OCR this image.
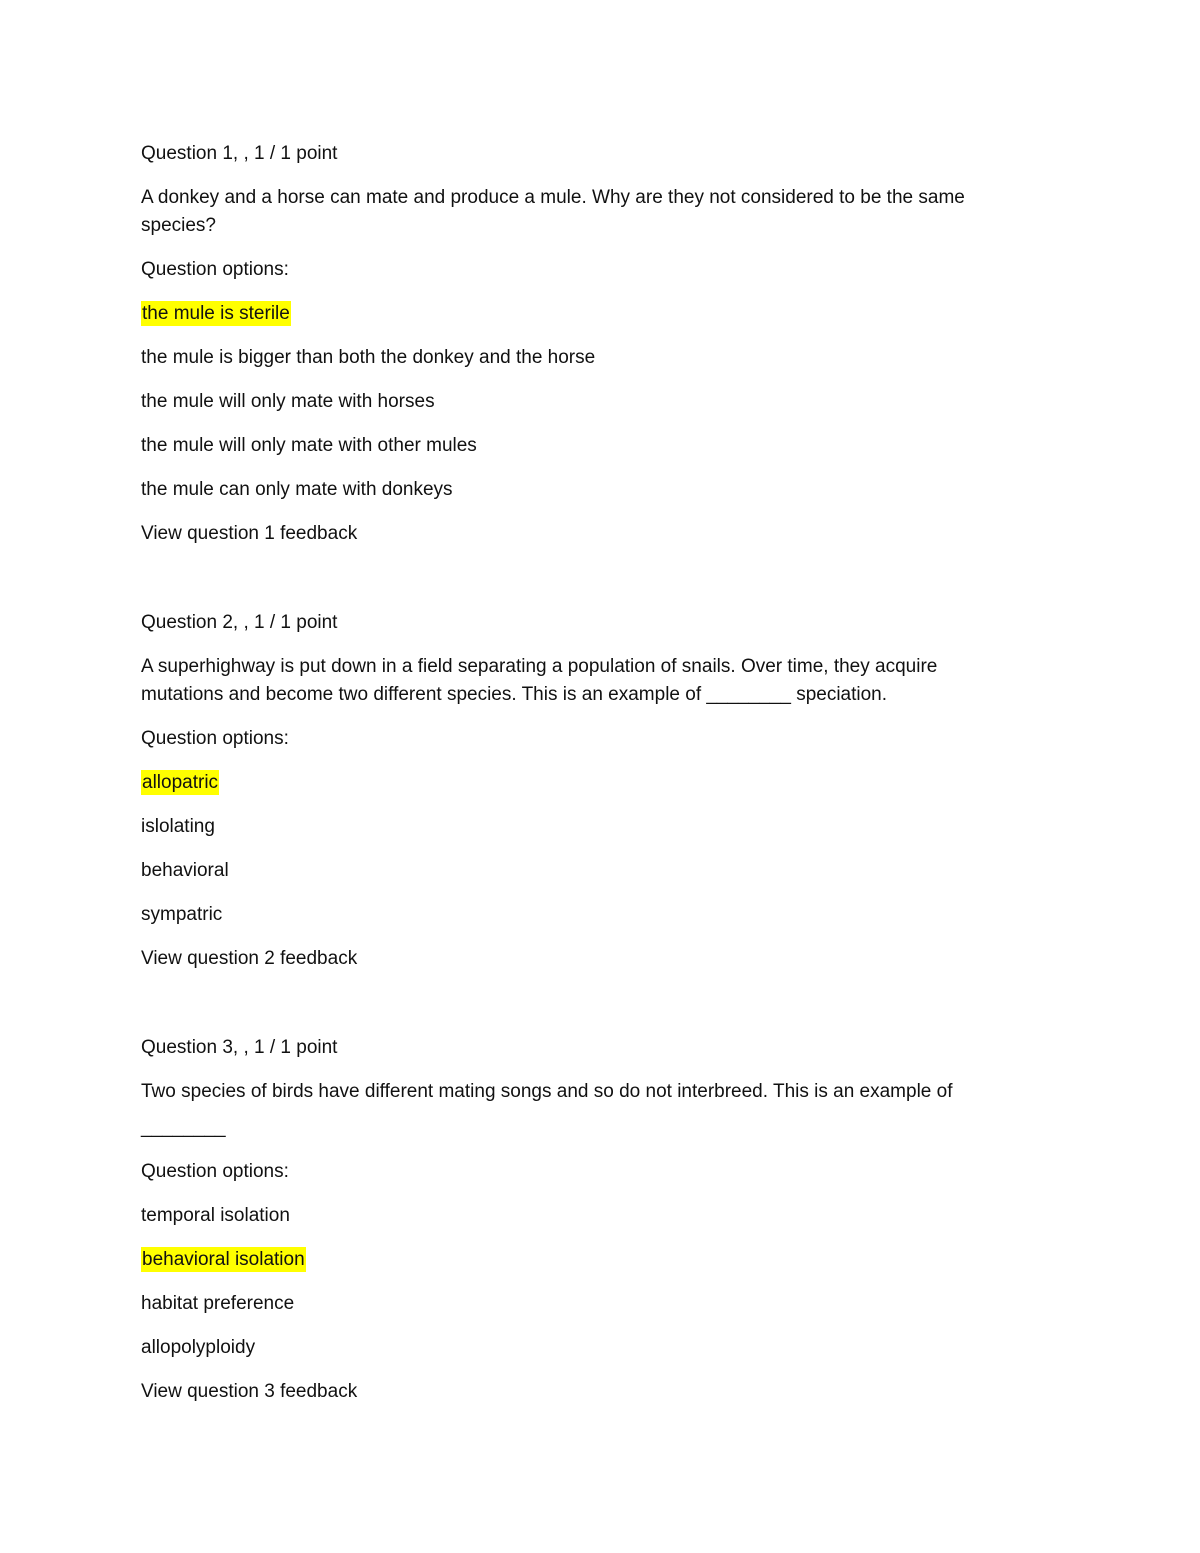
Question 1, , 1 / 1 point
A donkey and a horse can mate and produce a mule. Why are they not considered to be the same species?
Question options:
the mule is sterile
the mule is bigger than both the donkey and the horse
the mule will only mate with horses
the mule will only mate with other mules
the mule can only mate with donkeys
View question 1 feedback
Question 2, , 1 / 1 point
A superhighway is put down in a field separating a population of snails. Over time, they acquire mutations and become two different species. This is an example of ________ speciation.
Question options:
allopatric
islolating
behavioral
sympatric
View question 2 feedback
Question 3, , 1 / 1 point
Two species of birds have different mating songs and so do not interbreed. This is an example of
________
Question options:
temporal isolation
behavioral isolation
habitat preference
allopolyploidy
View question 3 feedback
